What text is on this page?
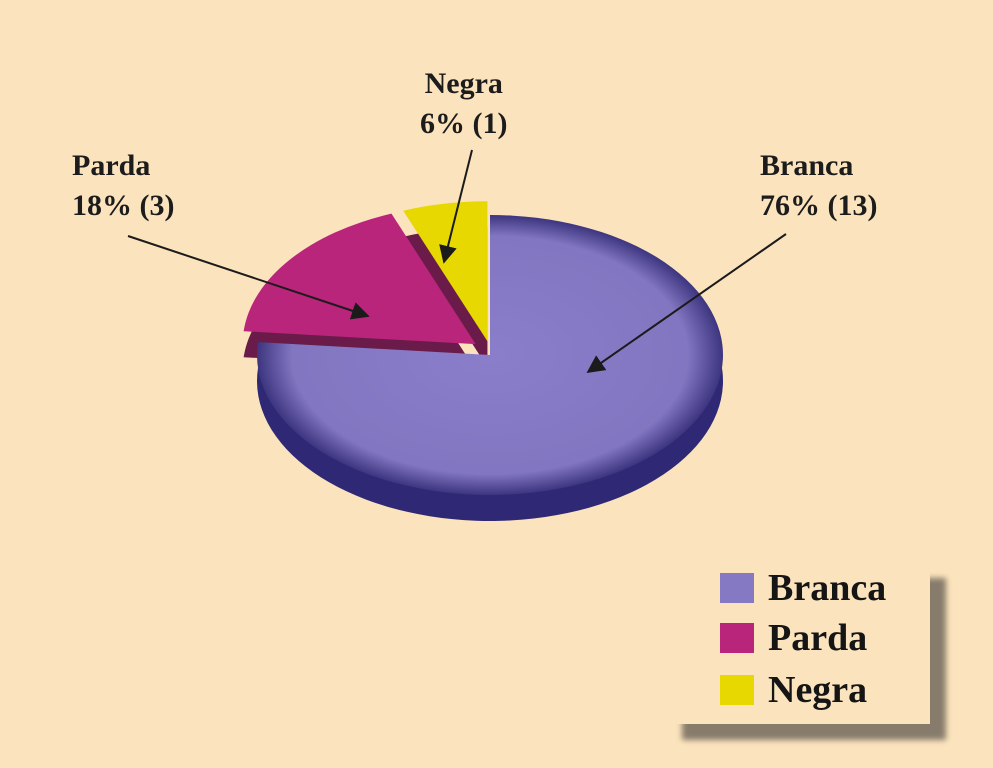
Negra
6% (1)
Parda
18% (3)
Branca
76% (13)
Branca
Parda
Negra
